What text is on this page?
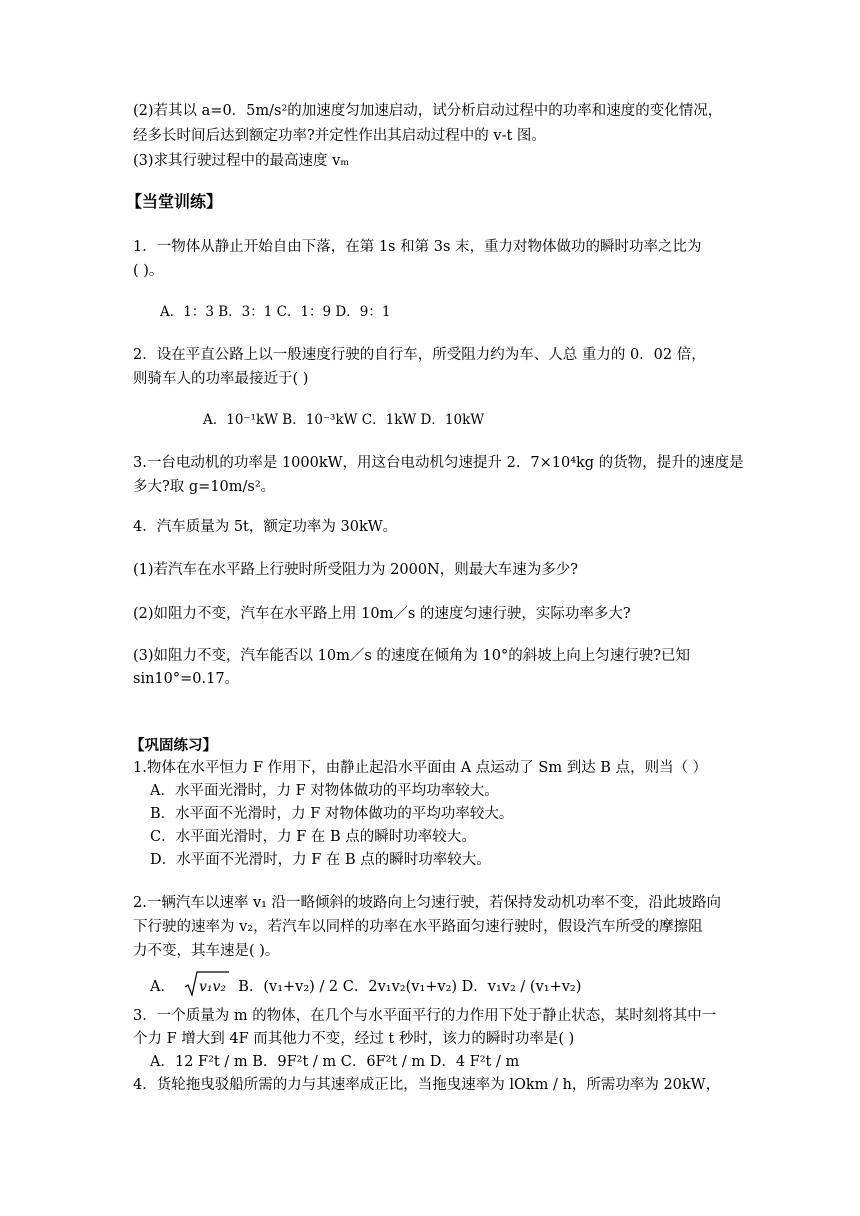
(2)若其以 a=0．5m/s²的加速度匀加速启动，试分析启动过程中的功率和速度的变化情况，
经多长时间后达到额定功率?并定性作出其启动过程中的 v-t 图。
(3)求其行驶过程中的最高速度 vₘ
【当堂训练】
1．一物体从静止开始自由下落，在第 1s 和第 3s 末，重力对物体做功的瞬时功率之比为
( )。
A．1：3 B．3：1 C．1：9 D．9：1
2．设在平直公路上以一般速度行驶的自行车，所受阻力约为车、人总 重力的 0．02 倍，
则骑车人的功率最接近于( )
A．10⁻¹kW B．10⁻³kW C．1kW D．10kW
3.一台电动机的功率是 1000kW，用这台电动机匀速提升 2．7×10⁴kg 的货物，提升的速度是
多大?取 g=10m/s²。
4．汽车质量为 5t，额定功率为 30kW。
(1)若汽车在水平路上行驶时所受阻力为 2000N，则最大车速为多少?
(2)如阻力不变，汽车在水平路上用 10m／s 的速度匀速行驶，实际功率多大?
(3)如阻力不变，汽车能否以 10m／s 的速度在倾角为 10°的斜坡上向上匀速行驶?已知
sin10°=0.17。
【巩固练习】
1.物体在水平恒力 F 作用下，由静止起沿水平面由 A 点运动了 Sm 到达 B 点，则当（ ）
A．水平面光滑时，力 F 对物体做功的平均功率较大。
B．水平面不光滑时，力 F 对物体做功的平均功率较大。
C．水平面光滑时，力 F 在 B 点的瞬时功率较大。
D．水平面不光滑时，力 F 在 B 点的瞬时功率较大。
2.一辆汽车以速率 v₁ 沿一略倾斜的坡路向上匀速行驶，若保持发动机功率不变，沿此坡路向
下行驶的速率为 v₂，若汽车以同样的功率在水平路面匀速行驶时，假设汽车所受的摩擦阻
力不变，其车速是( )。
A． v₁v₂ B．(v₁+v₂) / 2 C．2v₁v₂(v₁+v₂) D．v₁v₂ / (v₁+v₂)
3．一个质量为 m 的物体，在几个与水平面平行的力作用下处于静止状态，某时刻将其中一
个力 F 增大到 4F 而其他力不变，经过 t 秒时，该力的瞬时功率是( )
A．12 F²t / m B．9F²t / m C．6F²t / m D．4 F²t / m
4．货轮拖曳驳船所需的力与其速率成正比，当拖曳速率为 lOkm / h，所需功率为 20kW，
